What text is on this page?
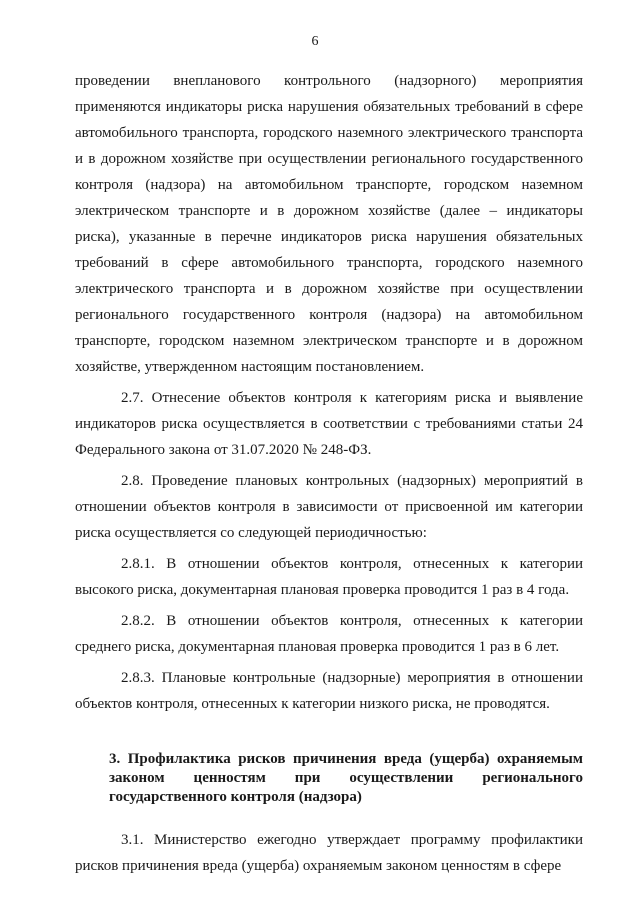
6

проведении внепланового контрольного (надзорного) мероприятия применяются индикаторы риска нарушения обязательных требований в сфере автомобильного транспорта, городского наземного электрического транспорта и в дорожном хозяйстве при осуществлении регионального государственного контроля (надзора) на автомобильном транспорте, городском наземном электрическом транспорте и в дорожном хозяйстве (далее – индикаторы риска), указанные в перечне индикаторов риска нарушения обязательных требований в сфере автомобильного транспорта, городского наземного электрического транспорта и в дорожном хозяйстве при осуществлении регионального государственного контроля (надзора) на автомобильном транспорте, городском наземном электрическом транспорте и в дорожном хозяйстве, утвержденном настоящим постановлением.

2.7. Отнесение объектов контроля к категориям риска и выявление индикаторов риска осуществляется в соответствии с требованиями статьи 24 Федерального закона от 31.07.2020 № 248-ФЗ.

2.8. Проведение плановых контрольных (надзорных) мероприятий в отношении объектов контроля в зависимости от присвоенной им категории риска осуществляется со следующей периодичностью:

2.8.1. В отношении объектов контроля, отнесенных к категории высокого риска, документарная плановая проверка проводится 1 раз в 4 года.

2.8.2. В отношении объектов контроля, отнесенных к категории среднего риска, документарная плановая проверка проводится 1 раз в 6 лет.

2.8.3. Плановые контрольные (надзорные) мероприятия в отношении объектов контроля, отнесенных к категории низкого риска, не проводятся.

3. Профилактика рисков причинения вреда (ущерба) охраняемым законом ценностям при осуществлении регионального государственного контроля (надзора)

3.1. Министерство ежегодно утверждает программу профилактики рисков причинения вреда (ущерба) охраняемым законом ценностям в сфере
